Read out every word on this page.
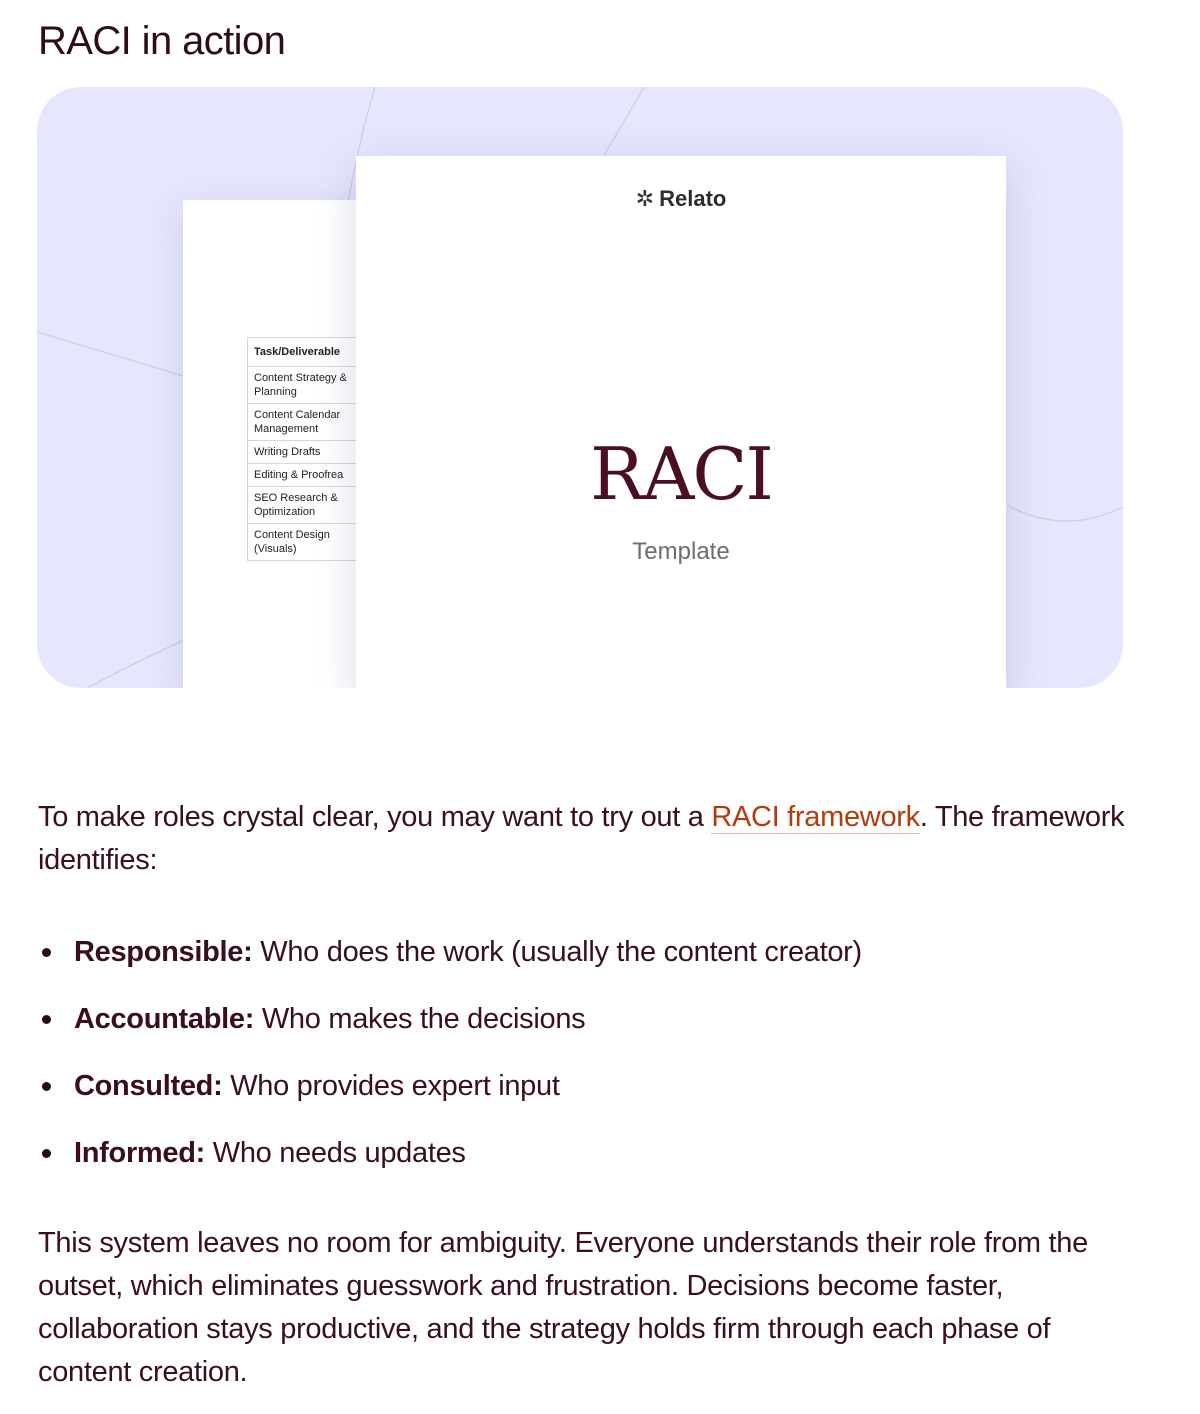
RACI in action
Task/Deliverable
Content Strategy & Planning
Content Calendar Management
Writing Drafts
Editing & Proofrea
SEO Research & Optimization
Content Design (Visuals)
✲ Relato
RACI
Template

To make roles crystal clear, you may want to try out a RACI framework. The framework identifies:

Responsible: Who does the work (usually the content creator)
Accountable: Who makes the decisions
Consulted: Who provides expert input
Informed: Who needs updates

This system leaves no room for ambiguity. Everyone understands their role from the outset, which eliminates guesswork and frustration. Decisions become faster, collaboration stays productive, and the strategy holds firm through each phase of content creation.
